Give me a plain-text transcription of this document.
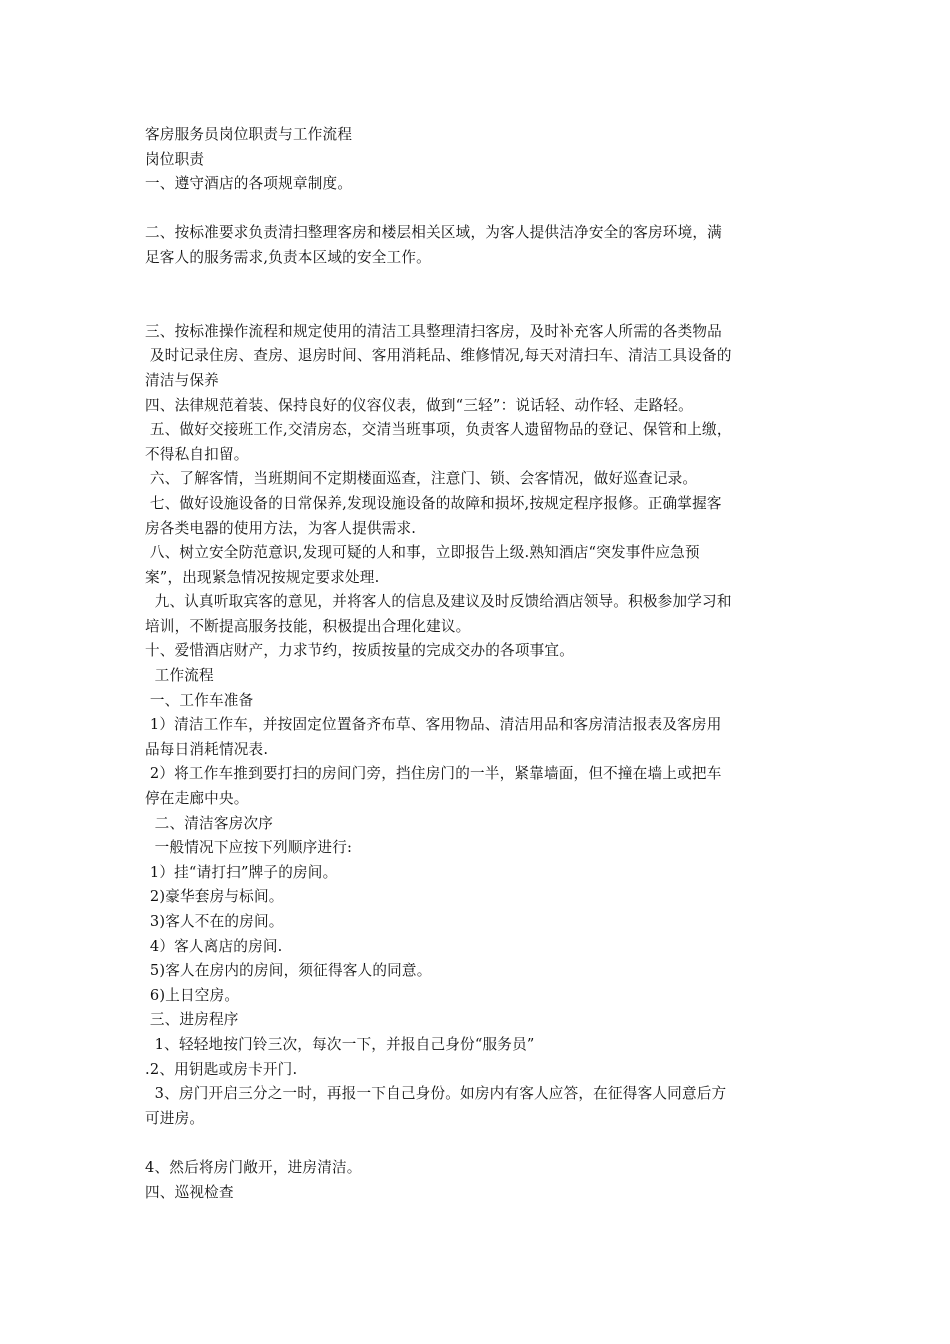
客房服务员岗位职责与工作流程
岗位职责
一、遵守酒店的各项规章制度。
二、按标准要求负责清扫整理客房和楼层相关区域，为客人提供洁净安全的客房环境，满
足客人的服务需求,负责本区域的安全工作。
三、按标准操作流程和规定使用的清洁工具整理清扫客房，及时补充客人所需的各类物品
及时记录住房、查房、退房时间、客用消耗品、维修情况,每天对清扫车、清洁工具设备的
清洁与保养
四、法律规范着装、保持良好的仪容仪表，做到“三轻”：说话轻、动作轻、走路轻。
五、做好交接班工作,交清房态，交清当班事项，负责客人遗留物品的登记、保管和上缴，
不得私自扣留。
六、了解客情，当班期间不定期楼面巡查，注意门、锁、会客情况，做好巡查记录。
七、做好设施设备的日常保养,发现设施设备的故障和损坏,按规定程序报修。正确掌握客
房各类电器的使用方法，为客人提供需求.
八、树立安全防范意识,发现可疑的人和事，立即报告上级.熟知酒店“突发事件应急预
案”，出现紧急情况按规定要求处理.
九、认真听取宾客的意见，并将客人的信息及建议及时反馈给酒店领导。积极参加学习和
培训，不断提高服务技能，积极提出合理化建议。
十、爱惜酒店财产，力求节约，按质按量的完成交办的各项事宜。
工作流程
一、工作车准备
1）清洁工作车，并按固定位置备齐布草、客用物品、清洁用品和客房清洁报表及客房用
品每日消耗情况表.
2）将工作车推到要打扫的房间门旁，挡住房门的一半，紧靠墙面，但不撞在墙上或把车
停在走廊中央。
二、清洁客房次序
一般情况下应按下列顺序进行:
1）挂“请打扫”牌子的房间。
2)豪华套房与标间。
3)客人不在的房间。
4）客人离店的房间.
5)客人在房内的房间，须征得客人的同意。
6)上日空房。
三、进房程序
1、轻轻地按门铃三次，每次一下，并报自己身份“服务员”
.2、用钥匙或房卡开门.
3、房门开启三分之一时，再报一下自己身份。如房内有客人应答，在征得客人同意后方
可进房。
4、然后将房门敞开，进房清洁。
四、巡视检查
